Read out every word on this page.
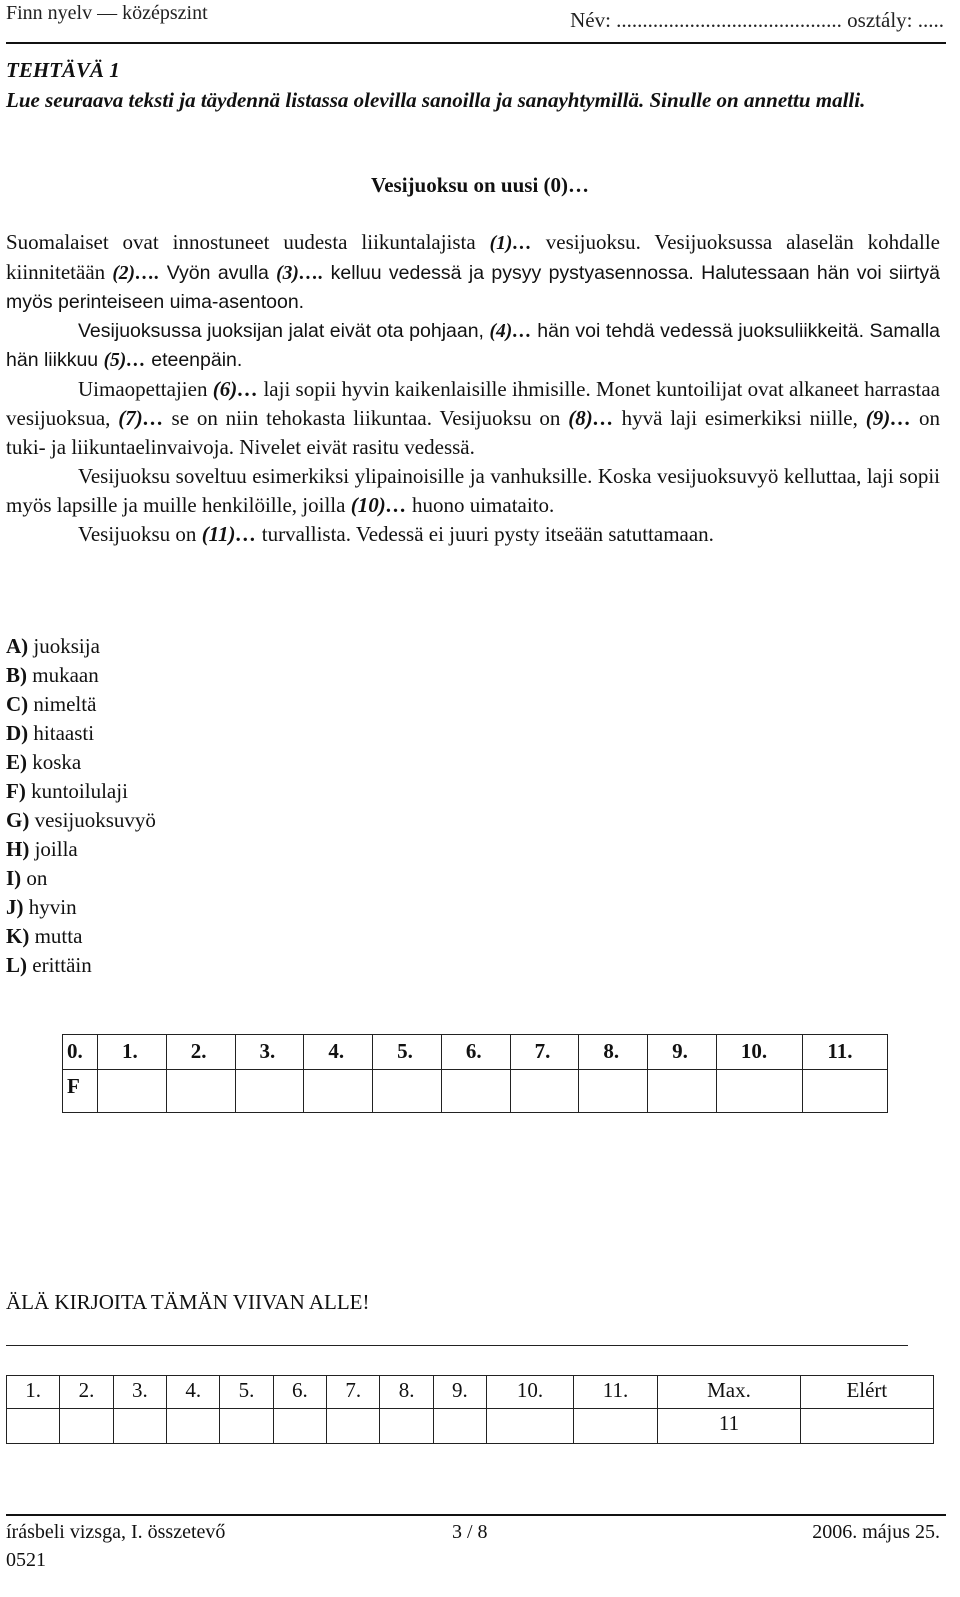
Finn nyelv — középszint	Név: ........................................... osztály: .....
TEHTÄVÄ 1
Lue seuraava teksti ja täydennä listassa olevilla sanoilla ja sanayhtymillä. Sinulle on annettu malli.
Vesijuoksu on uusi (0)…

Suomalaiset ovat innostuneet uudesta liikuntalajista (1)… vesijuoksu. Vesijuoksussa alaselän kohdalle kiinnitetään (2)…. Vyön avulla (3)…. kelluu vedessä ja pysyy pystyasennossa. Halutessaan hän voi siirtyä myös perinteiseen uima-asentoon.

Vesijuoksussa juoksijan jalat eivät ota pohjaan, (4)… hän voi tehdä vedessä juoksuliikkeitä. Samalla hän liikkuu (5)… eteenpäin.

Uimaopettajien (6)… laji sopii hyvin kaikenlaisille ihmisille. Monet kuntoilijat ovat alkaneet harrastaa vesijuoksua, (7)… se on niin tehokasta liikuntaa. Vesijuoksu on (8)… hyvä laji esimerkiksi niille, (9)… on tuki- ja liikuntaelinvaivoja. Nivelet eivät rasitu vedessä.

Vesijuoksu soveltuu esimerkiksi ylipainoisille ja vanhuksille. Koska vesijuoksuvyö kelluttaa, laji sopii myös lapsille ja muille henkilöille, joilla (10)… huono uimataito.

Vesijuoksu on (11)… turvallista. Vedessä ei juuri pysty itseään satuttamaan.

A) juoksija
B) mukaan
C) nimeltä
D) hitaasti
E) koska
F) kuntoilulaji
G) vesijuoksuvyö
H) joilla
I) on
J) hyvin
K) mutta
L) erittäin
0.	1.	2.	3.	4.	5.	6.	7.	8.	9.	10.	11.

F											

ÄLÄ KIRJOITA TÄMÄN VIIVAN ALLE!
1.	2.	3.	4.	5.	6.	7.	8.	9.	10.	11.	Max.	Elért

											11	

írásbeli vizsga, I. összetevő	3 / 8	2006. május 25.
0521
